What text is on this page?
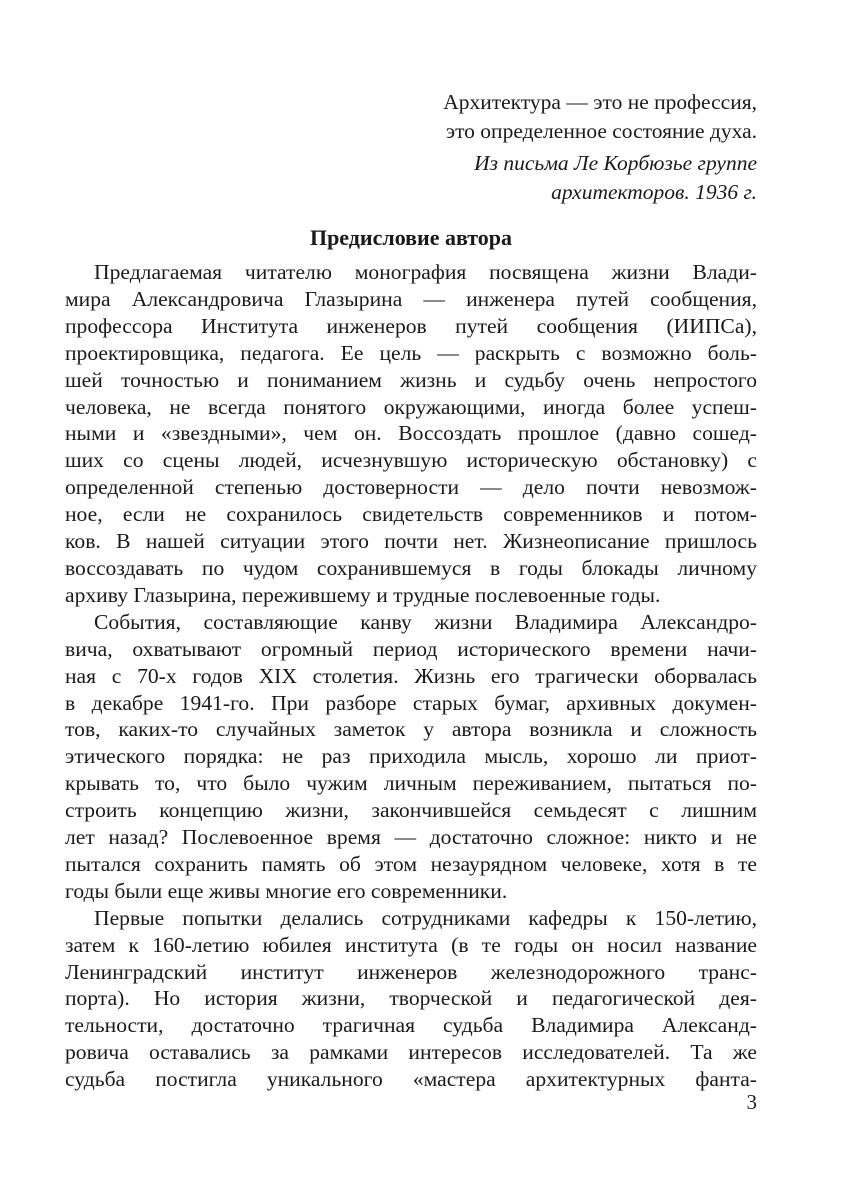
Архитектура — это не профессия,
это определенное состояние духа.
Из письма Ле Корбюзье группе
архитекторов. 1936 г.
Предисловие автора
Предлагаемая читателю монография посвящена жизни Влади-
мира Александровича Глазырина — инженера путей сообщения,
профессора Института инженеров путей сообщения (ИИПСа),
проектировщика, педагога. Ее цель — раскрыть с возможно боль-
шей точностью и пониманием жизнь и судьбу очень непростого
человека, не всегда понятого окружающими, иногда более успеш-
ными и «звездными», чем он. Воссоздать прошлое (давно сошед-
ших со сцены людей, исчезнувшую историческую обстановку) с
определенной степенью достоверности — дело почти невозмож-
ное, если не сохранилось свидетельств современников и потом-
ков. В нашей ситуации этого почти нет. Жизнеописание пришлось
воссоздавать по чудом сохранившемуся в годы блокады личному
архиву Глазырина, пережившему и трудные послевоенные годы.
События, составляющие канву жизни Владимира Александро-
вича, охватывают огромный период исторического времени начи-
ная с 70-х годов XIX столетия. Жизнь его трагически оборвалась
в декабре 1941-го. При разборе старых бумаг, архивных докумен-
тов, каких-то случайных заметок у автора возникла и сложность
этического порядка: не раз приходила мысль, хорошо ли приот-
крывать то, что было чужим личным переживанием, пытаться по-
строить концепцию жизни, закончившейся семьдесят с лишним
лет назад? Послевоенное время — достаточно сложное: никто и не
пытался сохранить память об этом незаурядном человеке, хотя в те
годы были еще живы многие его современники.
Первые попытки делались сотрудниками кафедры к 150-летию,
затем к 160-летию юбилея института (в те годы он носил название
Ленинградский институт инженеров железнодорожного транс-
порта). Но история жизни, творческой и педагогической дея-
тельности, достаточно трагичная судьба Владимира Александ-
ровича оставались за рамками интересов исследователей. Та же
судьба постигла уникального «мастера архитектурных фанта-
3
